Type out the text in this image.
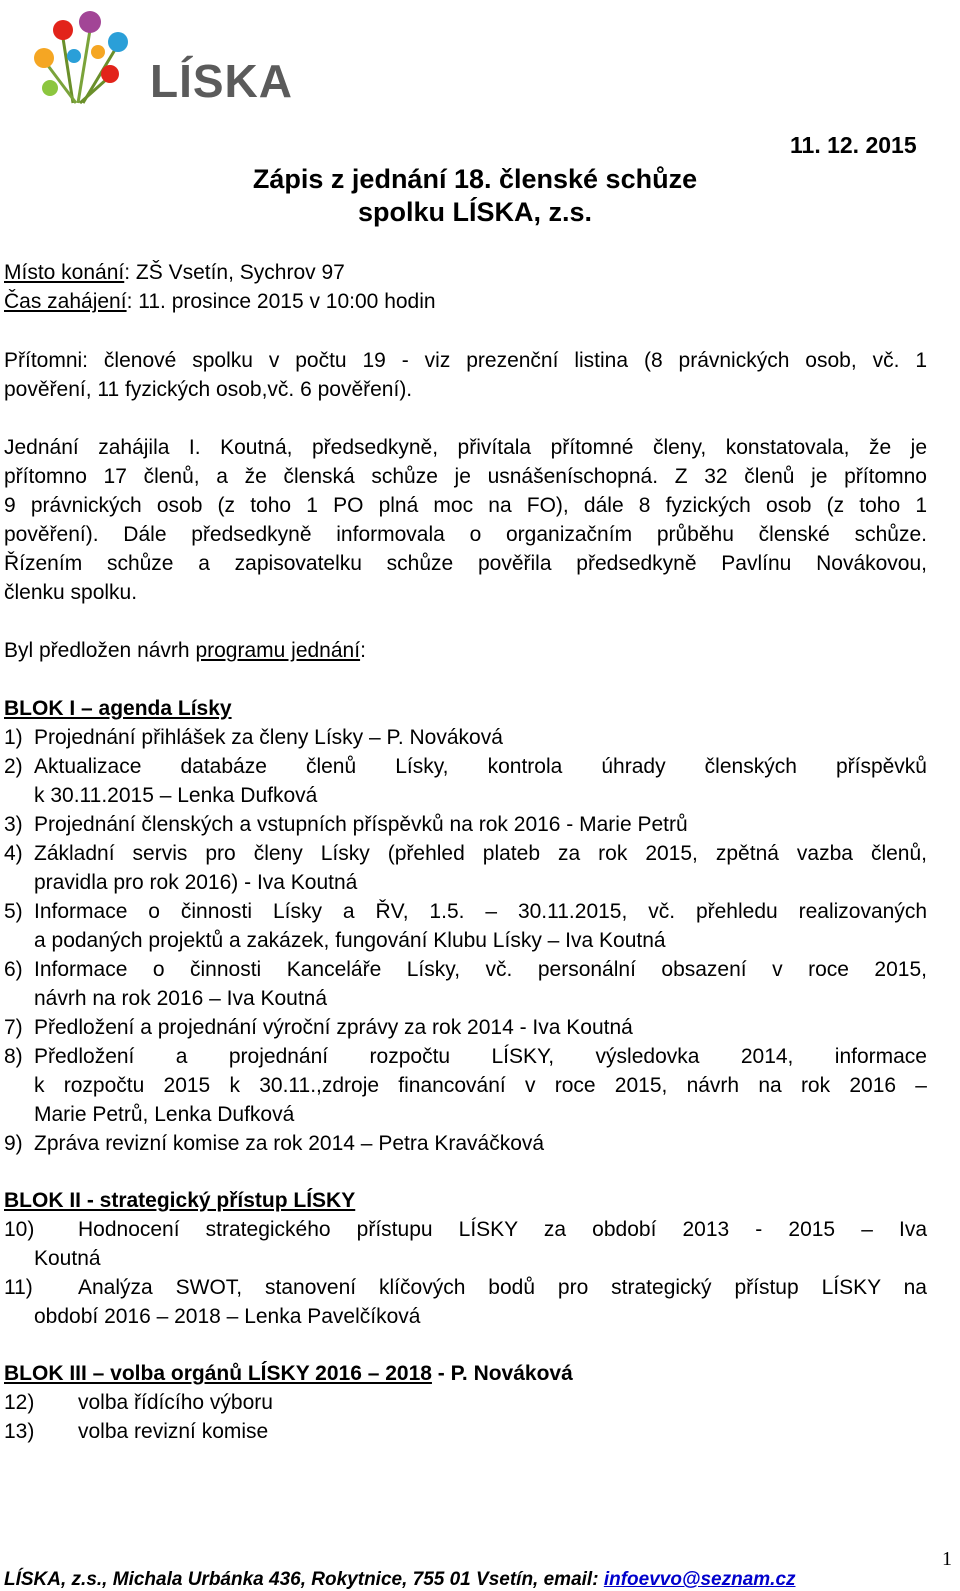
LÍSKA
Zápis z jednání 18. členské schůze
spolku LÍSKA, z.s.
11. 12. 2015
Místo konání: ZŠ Vsetín, Sychrov 97
Čas zahájení: 11. prosince 2015 v 10:00 hodin
Přítomni: členové spolku v počtu 19 - viz prezenční listina (8 právnických osob, vč. 1
pověření, 11 fyzických osob,vč. 6 pověření).
Jednání zahájila I. Koutná, předsedkyně, přivítala přítomné členy, konstatovala, že je
přítomno 17 členů, a že členská schůze je usnášeníschopná. Z 32 členů je přítomno
9 právnických osob (z toho 1 PO plná moc na FO), dále 8 fyzických osob (z toho 1
pověření). Dále předsedkyně informovala o organizačním průběhu členské schůze.
Řízením schůze a zapisovatelku schůze pověřila předsedkyně Pavlínu Novákovou,
členku spolku.
Byl předložen návrh programu jednání:
BLOK I – agenda Lísky
1) Projednání přihlášek za členy Lísky – P. Nováková
2) Aktualizace databáze členů Lísky, kontrola úhrady členských příspěvků
k 30.11.2015 – Lenka Dufková
3) Projednání členských a vstupních příspěvků na rok 2016 - Marie Petrů
4) Základní servis pro členy Lísky (přehled plateb za rok 2015, zpětná vazba členů,
pravidla pro rok 2016) - Iva Koutná
5) Informace o činnosti Lísky a ŘV, 1.5. – 30.11.2015, vč. přehledu realizovaných
a podaných projektů a zakázek, fungování Klubu Lísky – Iva Koutná
6) Informace o činnosti Kanceláře Lísky, vč. personální obsazení v roce 2015,
návrh na rok 2016 – Iva Koutná
7) Předložení a projednání výroční zprávy za rok 2014 - Iva Koutná
8) Předložení a projednání rozpočtu LÍSKY, výsledovka 2014, informace
k rozpočtu 2015 k 30.11.,zdroje financování v roce 2015, návrh na rok 2016 –
Marie Petrů, Lenka Dufková
9) Zpráva revizní komise za rok 2014 – Petra Kraváčková
BLOK II - strategický přístup LÍSKY
10) Hodnocení strategického přístupu LÍSKY za období 2013 - 2015 – Iva
Koutná
11) Analýza SWOT, stanovení klíčových bodů pro strategický přístup LÍSKY na
období 2016 – 2018 – Lenka Pavelčíková
BLOK III – volba orgánů LÍSKY 2016 – 2018 - P. Nováková
12) volba řídícího výboru
13) volba revizní komise
1
LÍSKA, z.s., Michala Urbánka 436, Rokytnice, 755 01 Vsetín, email: infoevvo@seznam.cz
